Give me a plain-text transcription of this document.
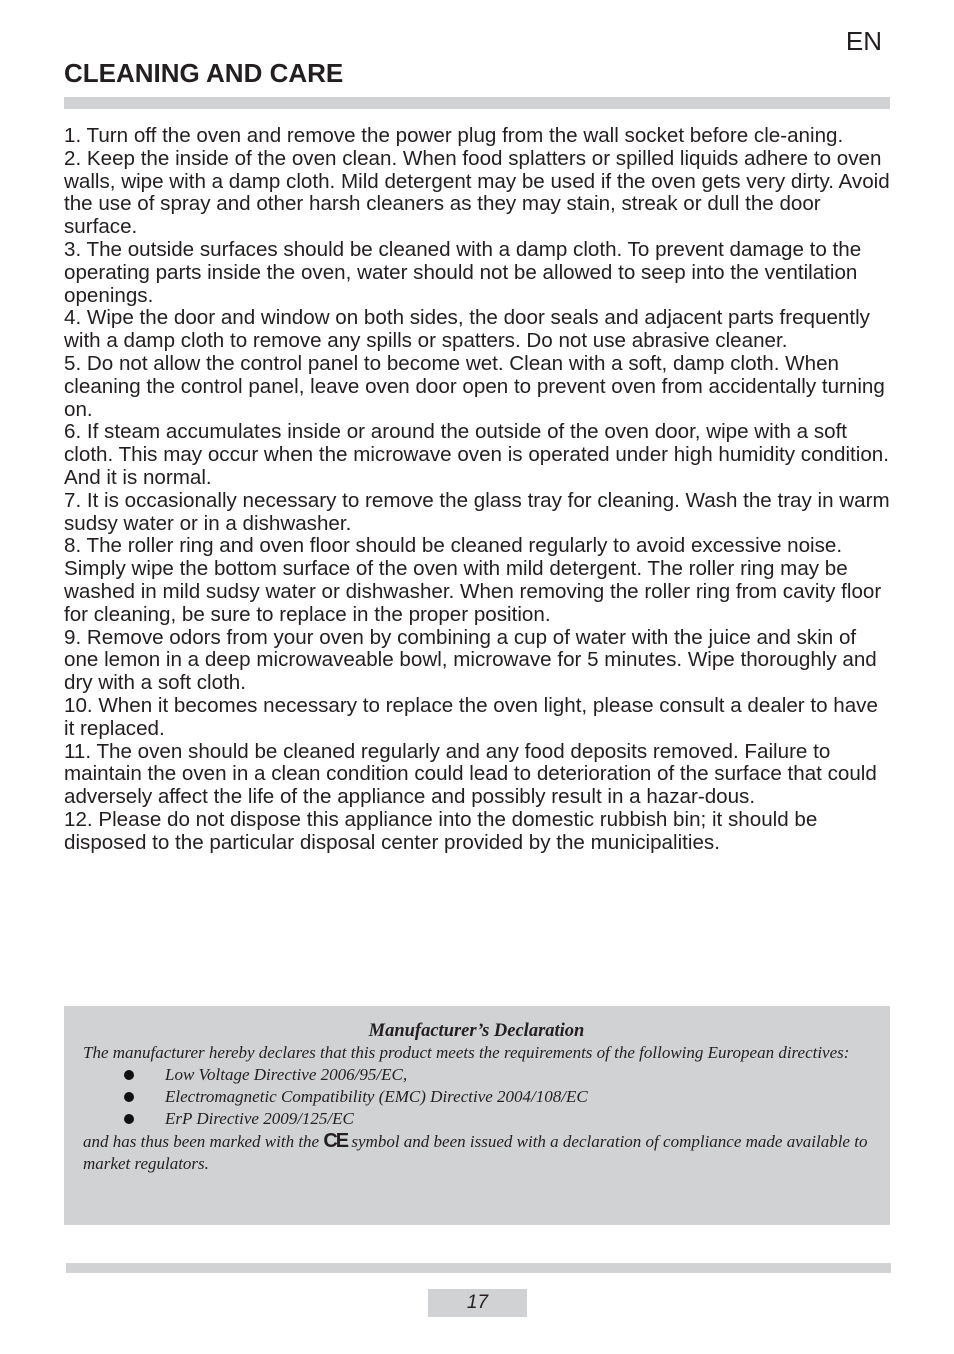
EN
CLEANING AND CARE

1. Turn off the oven and remove the power plug from the wall socket before cle-aning.

2. Keep the inside of the oven clean. When food splatters or spilled liquids adhere to oven walls, wipe with a damp cloth. Mild detergent may be used if the oven gets very dirty. Avoid the use of spray and other harsh cleaners as they may stain, streak or dull the door surface.

3. The outside surfaces should be cleaned with a damp cloth. To prevent damage to the operating parts inside the oven, water should not be allowed to seep into the ventilation openings.

4. Wipe the door and window on both sides, the door seals and adjacent parts frequently with a damp cloth to remove any spills or spatters. Do not use abrasive cleaner.

5. Do not allow the control panel to become wet. Clean with a soft, damp cloth. When cleaning the control panel, leave oven door open to prevent oven from accidentally turning on.

6. If steam accumulates inside or around the outside of the oven door, wipe with a soft cloth. This may occur when the microwave oven is operated under high humidity condition. And it is normal.

7. It is occasionally necessary to remove the glass tray for cleaning. Wash the tray in warm sudsy water or in a dishwasher.

8. The roller ring and oven floor should be cleaned regularly to avoid excessive noise. Simply wipe the bottom surface of the oven with mild detergent. The roller ring may be washed in mild sudsy water or dishwasher. When removing the roller ring from cavity floor for cleaning, be sure to replace in the proper position.

9. Remove odors from your oven by combining a cup of water with the juice and skin of one lemon in a deep microwaveable bowl, microwave for 5 minutes. Wipe thoroughly and dry with a soft cloth.

10. When it becomes necessary to replace the oven light, please consult a dealer to have it replaced.

11. The oven should be cleaned regularly and any food deposits removed. Failure to maintain the oven in a clean condition could lead to deterioration of the surface that could adversely affect the life of the appliance and possibly result in a hazar-dous.

12. Please do not dispose this appliance into the domestic rubbish bin; it should be disposed to the particular disposal center provided by the municipalities.

Manufacturer’s Declaration

The manufacturer hereby declares that this product meets the requirements of the following European directives:

Low Voltage Directive 2006/95/EC,
Electromagnetic Compatibility (EMC) Directive 2004/108/EC
ErP Directive 2009/125/EC

and has thus been marked with the CE symbol and been issued with a declaration of compliance made available to market regulators.

17
